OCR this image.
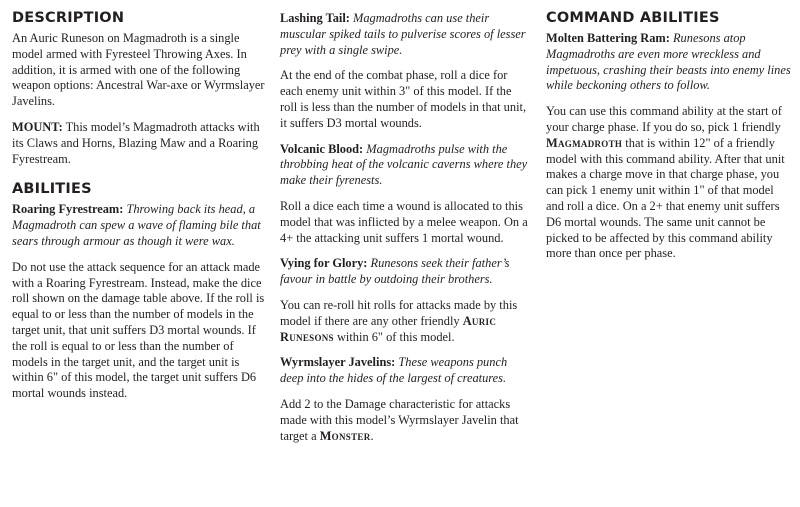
DESCRIPTION

An Auric Runeson on Magmadroth is a single model armed with Fyresteel Throwing Axes. In addition, it is armed with one of the following weapon options: Ancestral War-axe or Wyrmslayer Javelins.

MOUNT: This model’s Magmadroth attacks with its Claws and Horns, Blazing Maw and a Roaring Fyrestream.

ABILITIES

Roaring Fyrestream: Throwing back its head, a Magmadroth can spew a wave of flaming bile that sears through armour as though it were wax.

Do not use the attack sequence for an attack made with a Roaring Fyrestream. Instead, make the dice roll shown on the damage table above. If the roll is equal to or less than the number of models in the target unit, that unit suffers D3 mortal wounds. If the roll is equal to or less than the number of models in the target unit, and the target unit is within 6" of this model, the target unit suffers D6 mortal wounds instead.

Lashing Tail: Magmadroths can use their muscular spiked tails to pulverise scores of lesser prey with a single swipe.

At the end of the combat phase, roll a dice for each enemy unit within 3" of this model. If the roll is less than the number of models in that unit, it suffers D3 mortal wounds.

Volcanic Blood: Magmadroths pulse with the throbbing heat of the volcanic caverns where they make their fyrenests.

Roll a dice each time a wound is allocated to this model that was inflicted by a melee weapon. On a 4+ the attacking unit suffers 1 mortal wound.

Vying for Glory: Runesons seek their father’s favour in battle by outdoing their brothers.

You can re-roll hit rolls for attacks made by this model if there are any other friendly Auric Runesons within 6" of this model.

Wyrmslayer Javelins: These weapons punch deep into the hides of the largest of creatures.

Add 2 to the Damage characteristic for attacks made with this model’s Wyrmslayer Javelin that target a Monster.

COMMAND ABILITIES

Molten Battering Ram: Runesons atop Magmadroths are even more wreckless and impetuous, crashing their beasts into enemy lines while beckoning others to follow.

You can use this command ability at the start of your charge phase. If you do so, pick 1 friendly Magmadroth that is within 12" of a friendly model with this command ability. After that unit makes a charge move in that charge phase, you can pick 1 enemy unit within 1" of that model and roll a dice. On a 2+ that enemy unit suffers D6 mortal wounds. The same unit cannot be picked to be affected by this command ability more than once per phase.
